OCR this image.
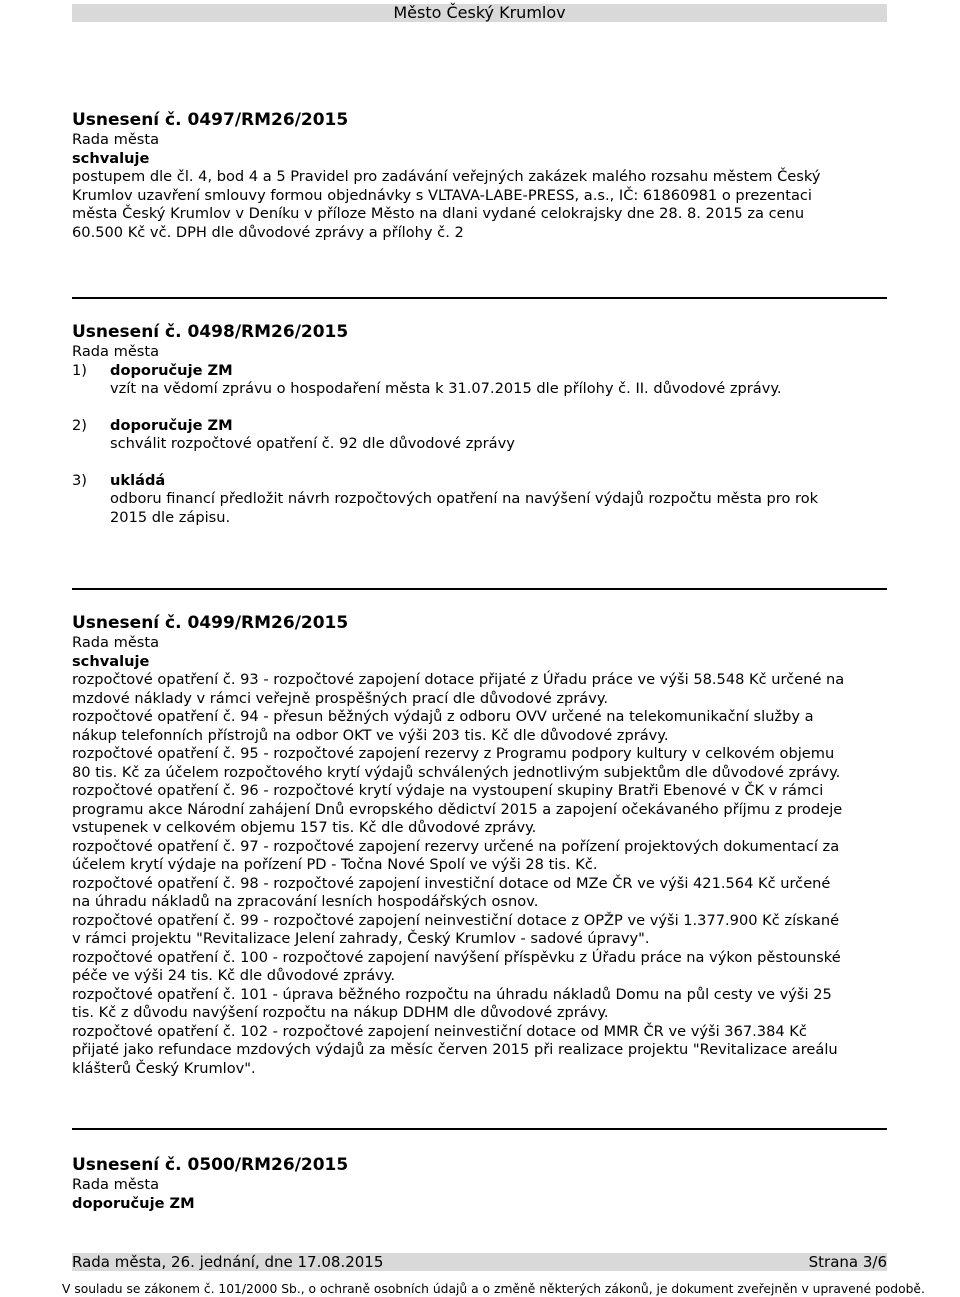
Město Český Krumlov
Usnesení č. 0497/RM26/2015
Rada města
schvaluje
postupem dle čl. 4, bod 4 a 5 Pravidel pro zadávání veřejných zakázek malého rozsahu městem Český
Krumlov uzavření smlouvy formou objednávky s VLTAVA-LABE-PRESS, a.s., IČ: 61860981 o prezentaci
města Český Krumlov v Deníku v příloze Město na dlani vydané celokrajsky dne 28. 8. 2015 za cenu
60.500 Kč vč. DPH dle důvodové zprávy a přílohy č. 2
Usnesení č. 0498/RM26/2015
Rada města
1) doporučuje ZM
vzít na vědomí zprávu o hospodaření města k 31.07.2015 dle přílohy č. II. důvodové zprávy.
2) doporučuje ZM
schválit rozpočtové opatření č. 92 dle důvodové zprávy
3) ukládá
odboru financí předložit návrh rozpočtových opatření na navýšení výdajů rozpočtu města pro rok
2015 dle zápisu.
Usnesení č. 0499/RM26/2015
Rada města
schvaluje
rozpočtové opatření č. 93 - rozpočtové zapojení dotace přijaté z Úřadu práce ve výši 58.548 Kč určené na
mzdové náklady v rámci veřejně prospěšných prací dle důvodové zprávy.
rozpočtové opatření č. 94 - přesun běžných výdajů z odboru OVV určené na telekomunikační služby a
nákup telefonních přístrojů na odbor OKT ve výši 203 tis. Kč dle důvodové zprávy.
rozpočtové opatření č. 95 - rozpočtové zapojení rezervy z Programu podpory kultury v celkovém objemu
80 tis. Kč za účelem rozpočtového krytí výdajů schválených jednotlivým subjektům dle důvodové zprávy.
rozpočtové opatření č. 96 - rozpočtové krytí výdaje na vystoupení skupiny Bratři Ebenové v ČK v rámci
programu akce Národní zahájení Dnů evropského dědictví 2015 a zapojení očekávaného příjmu z prodeje
vstupenek v celkovém objemu 157 tis. Kč dle důvodové zprávy.
rozpočtové opatření č. 97 - rozpočtové zapojení rezervy určené na pořízení projektových dokumentací za
účelem krytí výdaje na pořízení PD - Točna Nové Spolí ve výši 28 tis. Kč.
rozpočtové opatření č. 98 - rozpočtové zapojení investiční dotace od MZe ČR ve výši 421.564 Kč určené
na úhradu nákladů na zpracování lesních hospodářských osnov.
rozpočtové opatření č. 99 - rozpočtové zapojení neinvestiční dotace z OPŽP ve výši 1.377.900 Kč získané
v rámci projektu "Revitalizace Jelení zahrady, Český Krumlov - sadové úpravy".
rozpočtové opatření č. 100 - rozpočtové zapojení navýšení příspěvku z Úřadu práce na výkon pěstounské
péče ve výši 24 tis. Kč dle důvodové zprávy.
rozpočtové opatření č. 101 - úprava běžného rozpočtu na úhradu nákladů Domu na půl cesty ve výši 25
tis. Kč z důvodu navýšení rozpočtu na nákup DDHM dle důvodové zprávy.
rozpočtové opatření č. 102 - rozpočtové zapojení neinvestiční dotace od MMR ČR ve výši 367.384 Kč
přijaté jako refundace mzdových výdajů za měsíc červen 2015 při realizace projektu "Revitalizace areálu
klášterů Český Krumlov".
Usnesení č. 0500/RM26/2015
Rada města
doporučuje ZM
Rada města, 26. jednání, dne 17.08.2015	Strana 3/6
V souladu se zákonem č. 101/2000 Sb., o ochraně osobních údajů a o změně některých zákonů, je dokument zveřejněn v upravené podobě.
